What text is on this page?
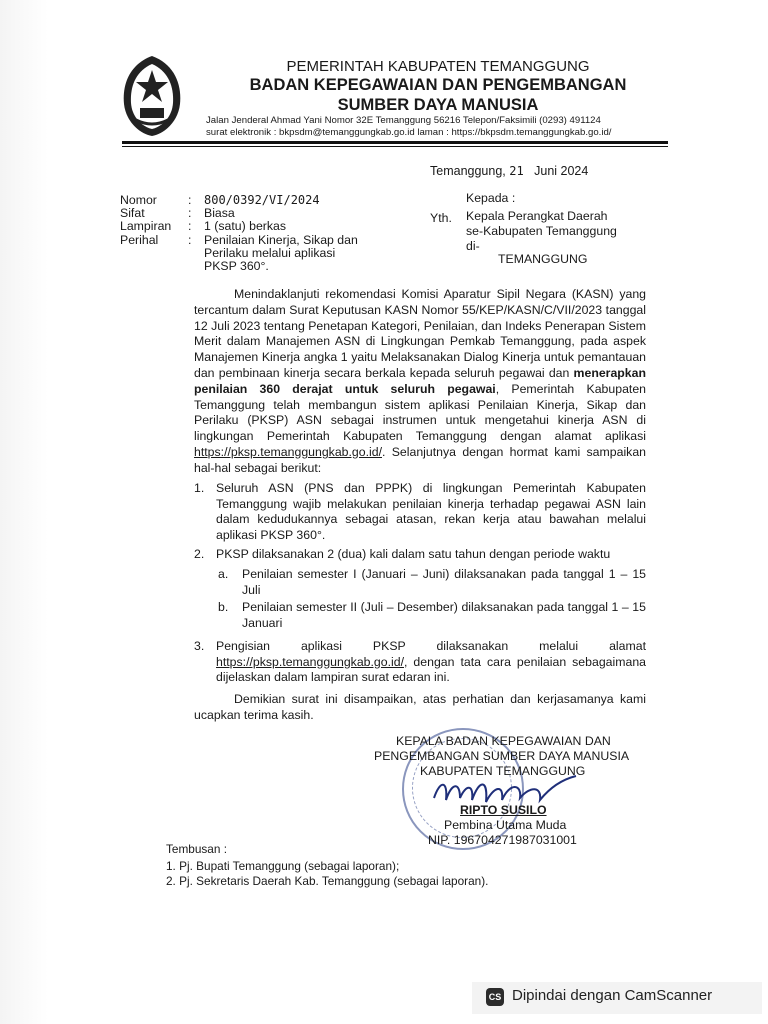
PEMERINTAH KABUPATEN TEMANGGUNG
BADAN KEPEGAWAIAN DAN PENGEMBANGAN
SUMBER DAYA MANUSIA
Jalan Jenderal Ahmad Yani Nomor 32E Temanggung 56216 Telepon/Faksimili (0293) 491124
surat elektronik : bkpsdm@temanggungkab.go.id laman : https://bkpsdm.temanggungkab.go.id/
Temanggung, 21 Juni 2024
Nomor	: 800/0392/VI/2024
Sifat	: Biasa
Lampiran	: 1 (satu) berkas
Perihal	: Penilaian Kinerja, Sikap dan
Perilaku melalui aplikasi
PKSP 360°.
Kepada :
Yth. Kepala Perangkat Daerah
se-Kabupaten Temanggung
di-
TEMANGGUNG
Menindaklanjuti rekomendasi Komisi Aparatur Sipil Negara (KASN) yang tercantum dalam Surat Keputusan KASN Nomor 55/KEP/KASN/C/VII/2023 tanggal 12 Juli 2023 tentang Penetapan Kategori, Penilaian, dan Indeks Penerapan Sistem Merit dalam Manajemen ASN di Lingkungan Pemkab Temanggung, pada aspek Manajemen Kinerja angka 1 yaitu Melaksanakan Dialog Kinerja untuk pemantauan dan pembinaan kinerja secara berkala kepada seluruh pegawai dan menerapkan penilaian 360 derajat untuk seluruh pegawai, Pemerintah Kabupaten Temanggung telah membangun sistem aplikasi Penilaian Kinerja, Sikap dan Perilaku (PKSP) ASN sebagai instrumen untuk mengetahui kinerja ASN di lingkungan Pemerintah Kabupaten Temanggung dengan alamat aplikasi https://pksp.temanggungkab.go.id/. Selanjutnya dengan hormat kami sampaikan hal-hal sebagai berikut:
1. Seluruh ASN (PNS dan PPPK) di lingkungan Pemerintah Kabupaten Temanggung wajib melakukan penilaian kinerja terhadap pegawai ASN lain dalam kedudukannya sebagai atasan, rekan kerja atau bawahan melalui aplikasi PKSP 360°.
2. PKSP dilaksanakan 2 (dua) kali dalam satu tahun dengan periode waktu
a. Penilaian semester I (Januari – Juni) dilaksanakan pada tanggal 1 – 15 Juli
b. Penilaian semester II (Juli – Desember) dilaksanakan pada tanggal 1 – 15 Januari
3. Pengisian aplikasi PKSP dilaksanakan melalui alamat https://pksp.temanggungkab.go.id/, dengan tata cara penilaian sebagaimana dijelaskan dalam lampiran surat edaran ini.
Demikian surat ini disampaikan, atas perhatian dan kerjasamanya kami ucapkan terima kasih.
KEPALA BADAN KEPEGAWAIAN DAN
PENGEMBANGAN SUMBER DAYA MANUSIA
KABUPATEN TEMANGGUNG
RIPTO SUSILO
Pembina Utama Muda
NIP. 196704271987031001
Tembusan :
1. Pj. Bupati Temanggung (sebagai laporan);
2. Pj. Sekretaris Daerah Kab. Temanggung (sebagai laporan).
CS Dipindai dengan CamScanner
